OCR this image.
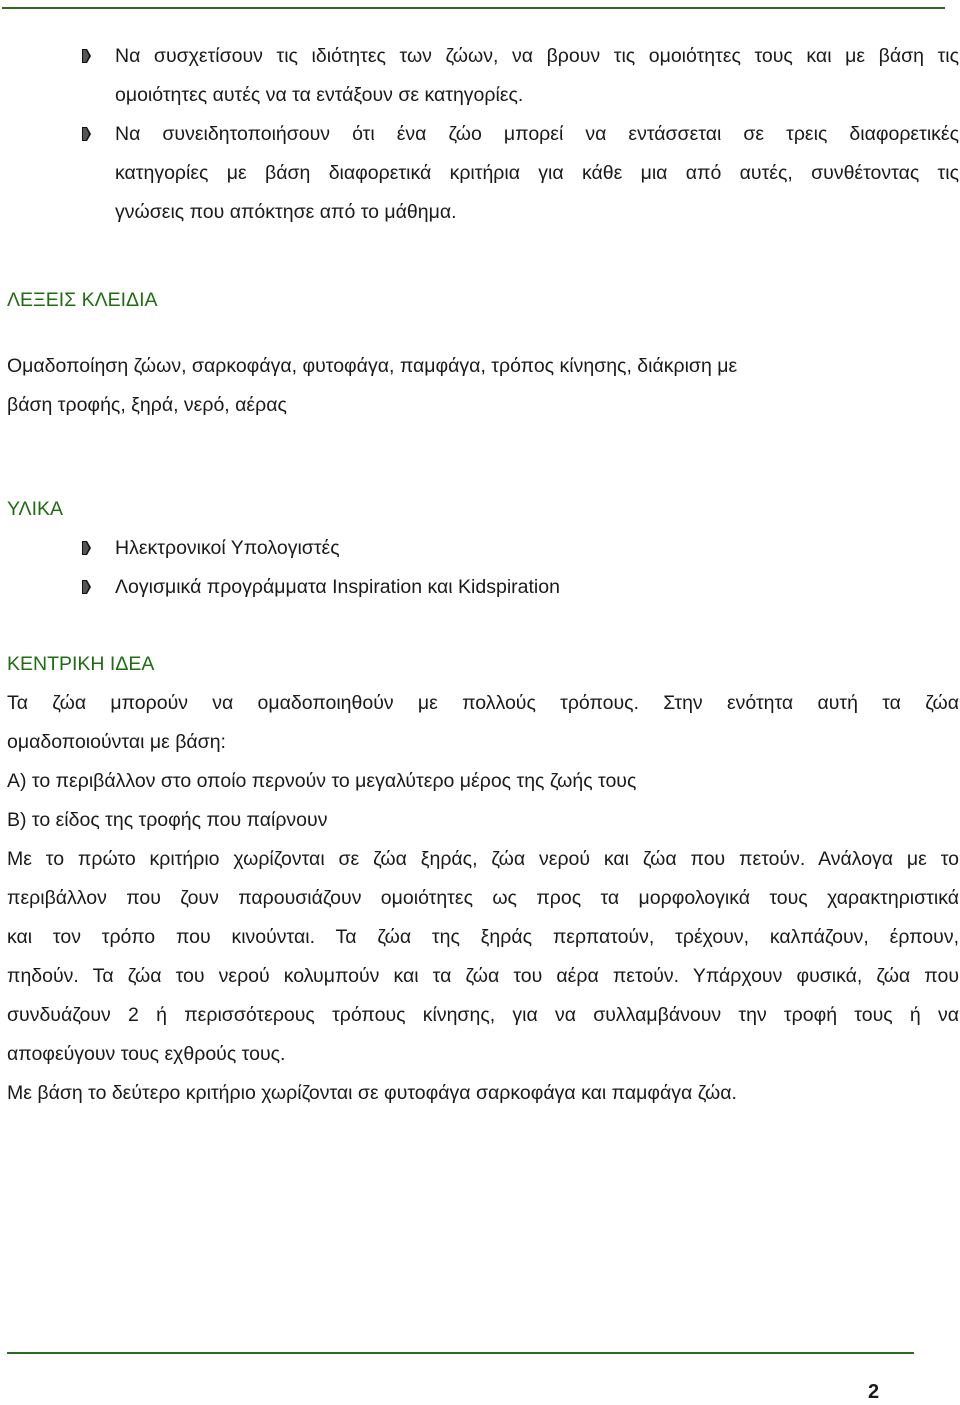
Να συσχετίσουν τις ιδιότητες των ζώων, να βρουν τις ομοιότητες τους και με βάση τις
ομοιότητες αυτές να τα εντάξουν σε κατηγορίες.
Να συνειδητοποιήσουν ότι ένα ζώο μπορεί να εντάσσεται σε τρεις διαφορετικές
κατηγορίες με βάση διαφορετικά κριτήρια για κάθε μια από αυτές, συνθέτοντας τις
γνώσεις που απόκτησε από το μάθημα.
ΛΕΞΕΙΣ ΚΛΕΙΔΙΑ
Ομαδοποίηση ζώων, σαρκοφάγα, φυτοφάγα, παμφάγα, τρόπος κίνησης, διάκριση με
βάση τροφής, ξηρά, νερό, αέρας
ΥΛΙΚΑ
Ηλεκτρονικοί Υπολογιστές
Λογισμικά προγράμματα Inspiration και Kidspiration
ΚΕΝΤΡΙΚΗ ΙΔΕΑ
Τα ζώα μπορούν να ομαδοποιηθούν με πολλούς τρόπους. Στην ενότητα αυτή τα ζώα
ομαδοποιούνται με βάση:
Α) το περιβάλλον στο οποίο περνούν το μεγαλύτερο μέρος της ζωής τους
Β) το είδος της τροφής που παίρνουν
Με το πρώτο κριτήριο χωρίζονται σε ζώα ξηράς, ζώα νερού και ζώα που πετούν. Ανάλογα με το
περιβάλλον που ζουν παρουσιάζουν ομοιότητες ως προς τα μορφολογικά τους χαρακτηριστικά
και τον τρόπο που κινούνται. Τα ζώα της ξηράς περπατούν, τρέχουν, καλπάζουν, έρπουν,
πηδούν. Τα ζώα του νερού κολυμπούν και τα ζώα του αέρα πετούν. Υπάρχουν φυσικά, ζώα που
συνδυάζουν 2 ή περισσότερους τρόπους κίνησης, για να συλλαμβάνουν την τροφή τους ή να
αποφεύγουν τους εχθρούς τους.
Με βάση το δεύτερο κριτήριο χωρίζονται σε φυτοφάγα σαρκοφάγα και παμφάγα ζώα.
2
